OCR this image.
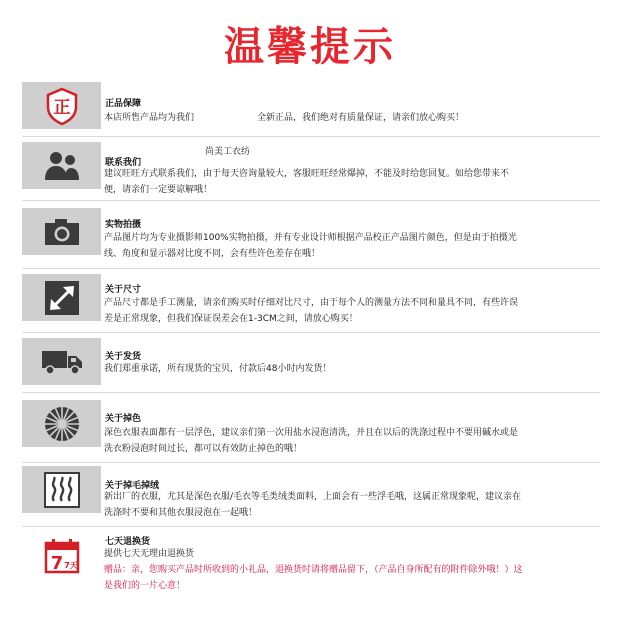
温馨提示
正	正品保障
本店所售产品均为我们　　　　　　　全新正品，我们绝对有质量保证，请亲们放心购买！
尚美工衣纺
联系我们
建议旺旺方式联系我们，由于每天咨询量较大，客服旺旺经常爆掉，不能及时给您回复。如给您带来不
便，请亲们一定要谅解哦！
实物拍摄
产品图片均为专业摄影师100%实物拍摄，并有专业设计师根据产品校正产品图片颜色，但是由于拍摄光
线、角度和显示器对比度不同，会有些许色差存在哦！
关于尺寸
产品尺寸都是手工测量，请亲们购买时仔细对比尺寸，由于每个人的测量方法不同和量具不同，有些许误
差是正常现象，但我们保证误差会在1-3CM之间，请放心购买！
关于发货
我们郑重承诺，所有现货的宝贝，付款后48小时内发货！
关于掉色
深色衣服表面都有一层浮色，建议亲们第一次用盐水浸泡清洗，并且在以后的洗涤过程中不要用碱水或是
洗衣粉浸泡时间过长，都可以有效防止掉色的哦！
关于掉毛掉绒
新出厂的衣服，尤其是深色衣服/毛衣等毛类绒类面料，上面会有一些浮毛哦，这属正常现象呢，建议亲在
洗涤时不要和其他衣服浸泡在一起哦！
7 7天
七天退换货
提供七天无理由退换货
赠品：亲，您购买产品时所收到的小礼品，退换货时请将赠品留下，（产品自身所配有的附件除外哦！）这
是我们的一片心意！
